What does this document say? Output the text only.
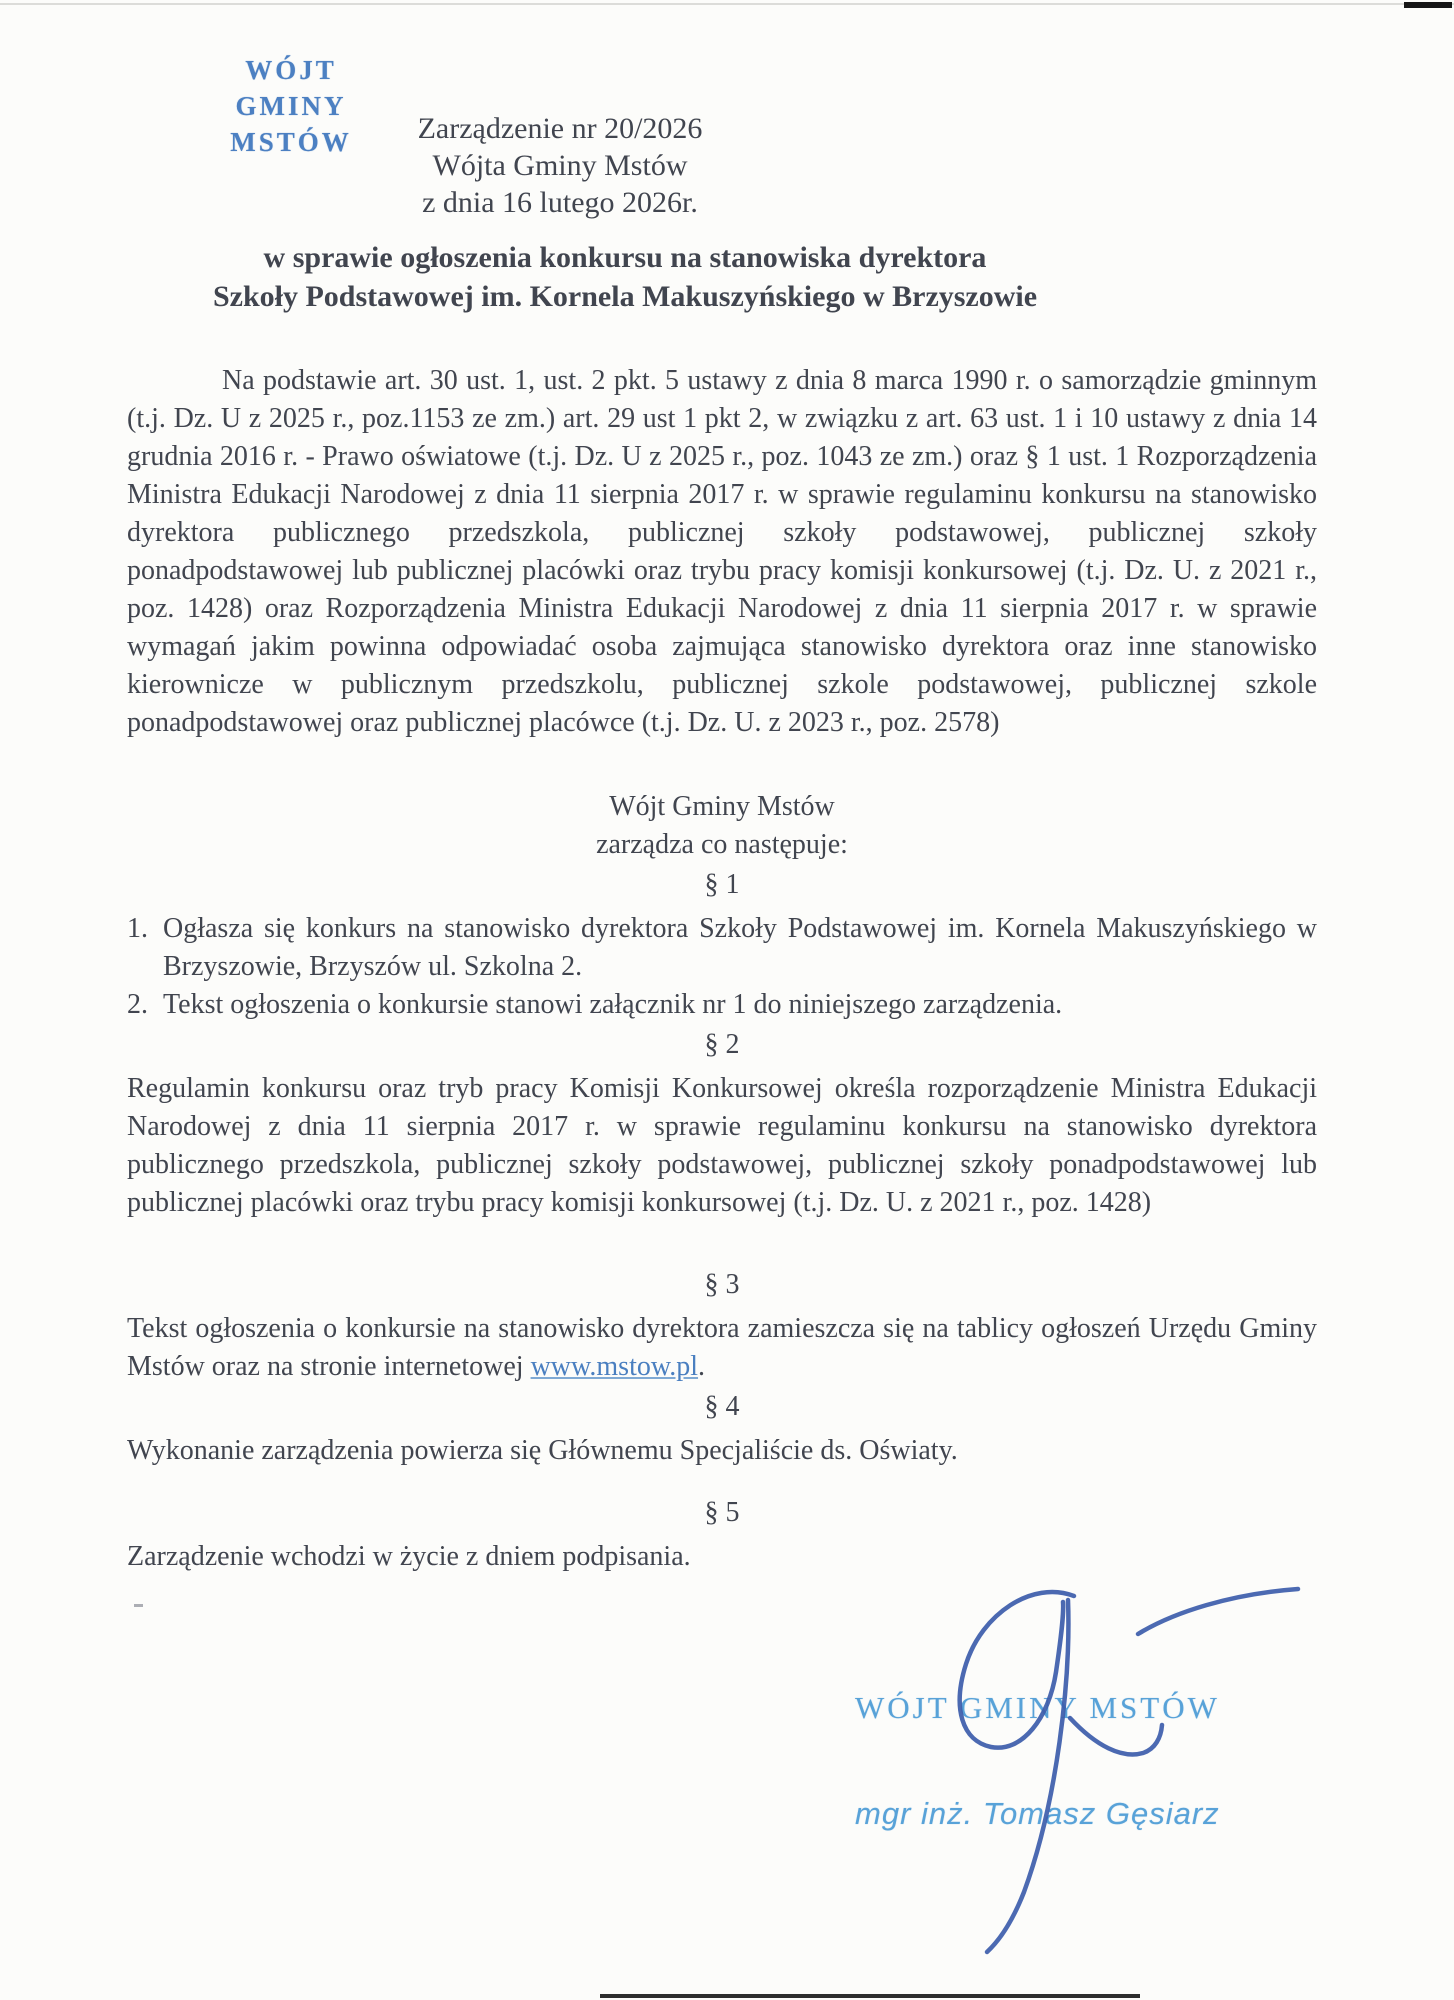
WÓJT GMINY
MSTÓW	Zarządzenie nr 20/2026
Wójta Gminy Mstów
z dnia 16 lutego 2026r.
w sprawie ogłoszenia konkursu na stanowiska dyrektora
Szkoły Podstawowej im. Kornela Makuszyńskiego w Brzyszowie

Na podstawie art. 30 ust. 1, ust. 2 pkt. 5 ustawy z dnia 8 marca 1990 r. o samorządzie gminnym (t.j. Dz. U z 2025 r., poz.1153 ze zm.) art. 29 ust 1 pkt 2, w związku z art. 63 ust. 1 i 10 ustawy z dnia 14 grudnia 2016 r. - Prawo oświatowe (t.j. Dz. U z 2025 r., poz. 1043 ze zm.) oraz § 1 ust. 1 Rozporządzenia Ministra Edukacji Narodowej z dnia 11 sierpnia 2017 r. w sprawie regulaminu konkursu na stanowisko dyrektora publicznego przedszkola, publicznej szkoły podstawowej, publicznej szkoły ponadpodstawowej lub publicznej placówki oraz trybu pracy komisji konkursowej (t.j. Dz. U. z 2021 r., poz. 1428) oraz Rozporządzenia Ministra Edukacji Narodowej z dnia 11 sierpnia 2017 r. w sprawie wymagań jakim powinna odpowiadać osoba zajmująca stanowisko dyrektora oraz inne stanowisko kierownicze w publicznym przedszkolu, publicznej szkole podstawowej, publicznej szkole ponadpodstawowej oraz publicznej placówce (t.j. Dz. U. z 2023 r., poz. 2578)

Wójt Gminy Mstów
zarządza co następuje:

§ 1

1. Ogłasza się konkurs na stanowisko dyrektora Szkoły Podstawowej im. Kornela Makuszyńskiego w Brzyszowie, Brzyszów ul. Szkolna 2.

2. Tekst ogłoszenia o konkursie stanowi załącznik nr 1 do niniejszego zarządzenia.

§ 2

Regulamin konkursu oraz tryb pracy Komisji Konkursowej określa rozporządzenie Ministra Edukacji Narodowej z dnia 11 sierpnia 2017 r. w sprawie regulaminu konkursu na stanowisko dyrektora publicznego przedszkola, publicznej szkoły podstawowej, publicznej szkoły ponadpodstawowej lub publicznej placówki oraz trybu pracy komisji konkursowej (t.j. Dz. U. z 2021 r., poz. 1428)

§ 3

Tekst ogłoszenia o konkursie na stanowisko dyrektora zamieszcza się na tablicy ogłoszeń Urzędu Gminy Mstów oraz na stronie internetowej www.mstow.pl.

§ 4

Wykonanie zarządzenia powierza się Głównemu Specjaliście ds. Oświaty.

§ 5

Zarządzenie wchodzi w życie z dniem podpisania.

WÓJT GMINY MSTÓW
mgr inż. Tomasz Gęsiarz
